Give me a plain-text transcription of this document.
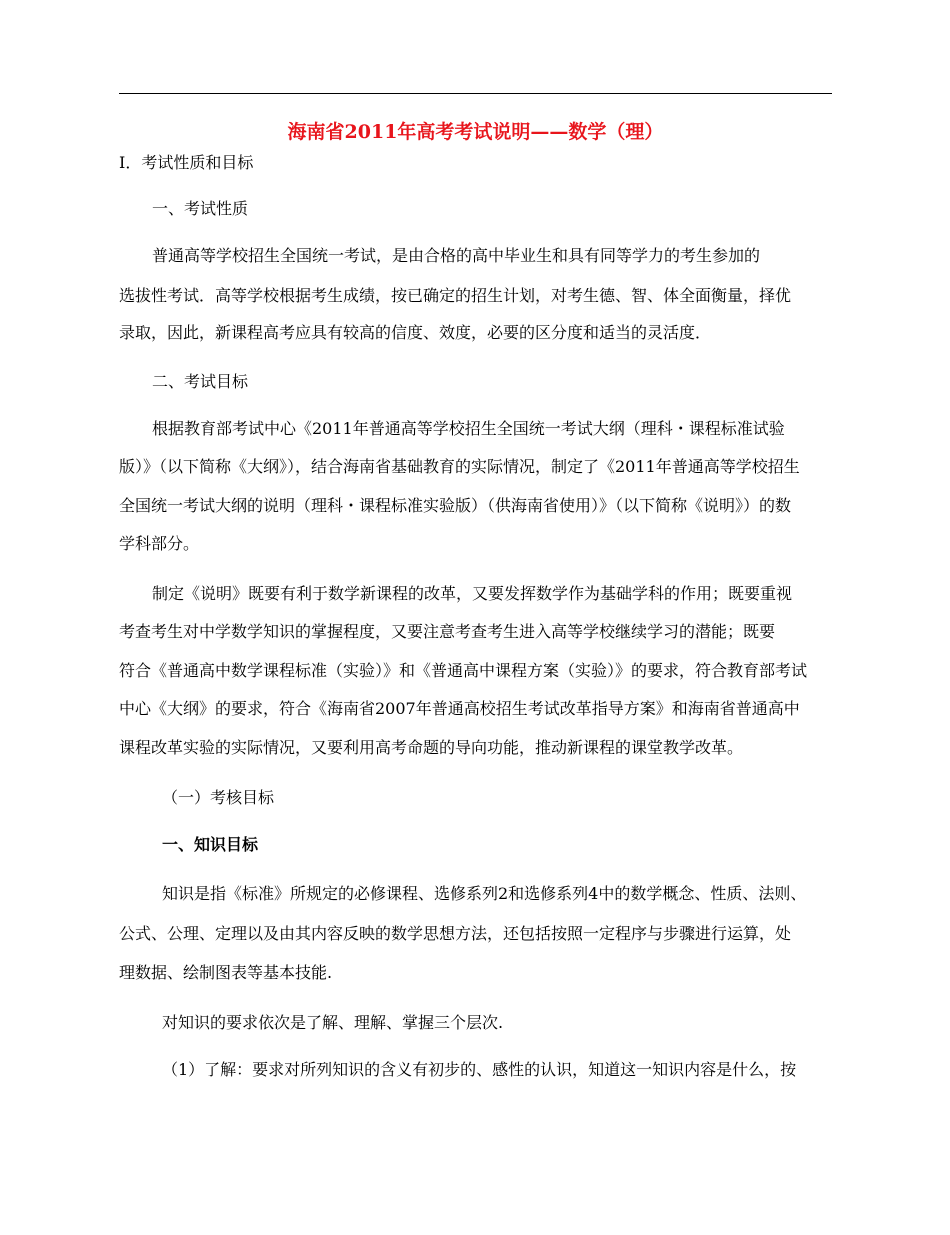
海南省2011年高考考试说明——数学（理）
Ⅰ．考试性质和目标
一、考试性质
普通高等学校招生全国统一考试，是由合格的高中毕业生和具有同等学力的考生参加的
选拔性考试．高等学校根据考生成绩，按已确定的招生计划，对考生德、智、体全面衡量，择优
录取，因此，新课程高考应具有较高的信度、效度，必要的区分度和适当的灵活度．
二、考试目标
根据教育部考试中心《2011年普通高等学校招生全国统一考试大纲（理科・课程标准试验
版）》（以下简称《大纲》），结合海南省基础教育的实际情况，制定了《2011年普通高等学校招生
全国统一考试大纲的说明（理科・课程标准实验版）（供海南省使用）》（以下简称《说明》）的数
学科部分。
制定《说明》既要有利于数学新课程的改革，又要发挥数学作为基础学科的作用；既要重视
考查考生对中学数学知识的掌握程度，又要注意考查考生进入高等学校继续学习的潜能；既要
符合《普通高中数学课程标准（实验）》和《普通高中课程方案（实验）》的要求，符合教育部考试
中心《大纲》的要求，符合《海南省2007年普通高校招生考试改革指导方案》和海南省普通高中
课程改革实验的实际情况，又要利用高考命题的导向功能，推动新课程的课堂教学改革。
（一）考核目标
一、知识目标
知识是指《标准》所规定的必修课程、选修系列2和选修系列4中的数学概念、性质、法则、
公式、公理、定理以及由其内容反映的数学思想方法，还包括按照一定程序与步骤进行运算，处
理数据、绘制图表等基本技能.
对知识的要求依次是了解、理解、掌握三个层次.
（1）了解：要求对所列知识的含义有初步的、感性的认识，知道这一知识内容是什么，按
